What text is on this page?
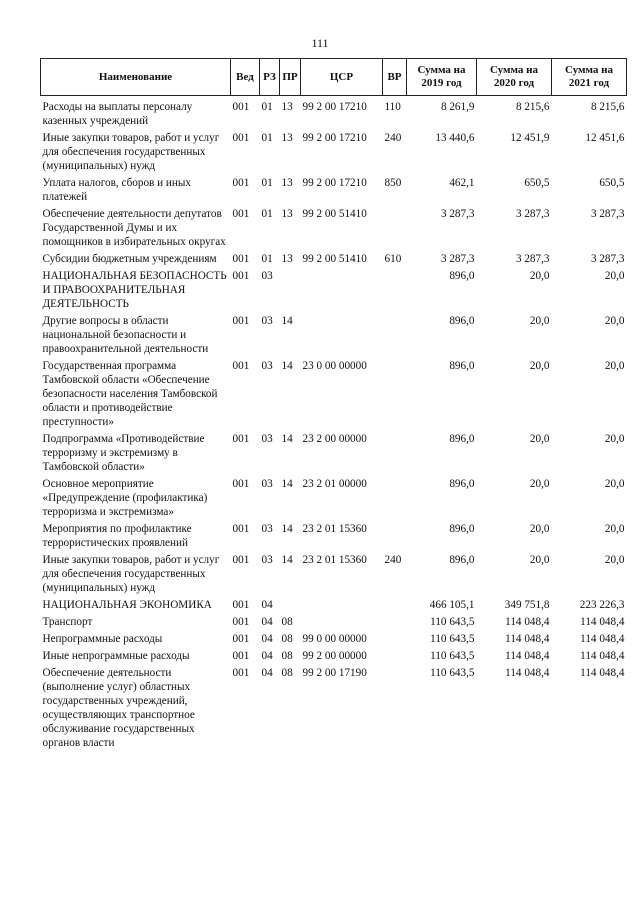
111
Наименование	Вед	РЗ	ПР	ЦСР	ВР	Сумма на 2019 год	Сумма на 2020 год	Сумма на 2021 год
Расходы на выплаты персоналу казенных учреждений	001	01	13	99 2 00 17210	110	8 261,9	8 215,6	8 215,6
Иные закупки товаров, работ и услуг для обеспечения государственных (муниципальных) нужд	001	01	13	99 2 00 17210	240	13 440,6	12 451,9	12 451,6
Уплата налогов, сборов и иных платежей	001	01	13	99 2 00 17210	850	462,1	650,5	650,5
Обеспечение деятельности депутатов Государственной Думы и их помощников в избирательных округах	001	01	13	99 2 00 51410		3 287,3	3 287,3	3 287,3
Субсидии бюджетным учреждениям	001	01	13	99 2 00 51410	610	3 287,3	3 287,3	3 287,3
НАЦИОНАЛЬНАЯ БЕЗОПАСНОСТЬ И ПРАВООХРАНИТЕЛЬНАЯ ДЕЯТЕЛЬНОСТЬ	001	03				896,0	20,0	20,0
Другие вопросы в области национальной безопасности и правоохранительной деятельности	001	03	14			896,0	20,0	20,0
Государственная программа Тамбовской области «Обеспечение безопасности населения Тамбовской области и противодействие преступности»	001	03	14	23 0 00 00000		896,0	20,0	20,0
Подпрограмма «Противодействие терроризму и экстремизму в Тамбовской области»	001	03	14	23 2 00 00000		896,0	20,0	20,0
Основное мероприятие «Предупреждение (профилактика) терроризма и экстремизма»	001	03	14	23 2 01 00000		896,0	20,0	20,0
Мероприятия по профилактике террористических проявлений	001	03	14	23 2 01 15360		896,0	20,0	20,0
Иные закупки товаров, работ и услуг для обеспечения государственных (муниципальных) нужд	001	03	14	23 2 01 15360	240	896,0	20,0	20,0
НАЦИОНАЛЬНАЯ ЭКОНОМИКА	001	04				466 105,1	349 751,8	223 226,3
Транспорт	001	04	08			110 643,5	114 048,4	114 048,4
Непрограммные расходы	001	04	08	99 0 00 00000		110 643,5	114 048,4	114 048,4
Иные непрограммные расходы	001	04	08	99 2 00 00000		110 643,5	114 048,4	114 048,4
Обеспечение деятельности (выполнение услуг) областных государственных учреждений, осуществляющих транспортное обслуживание государственных органов власти	001	04	08	99 2 00 17190		110 643,5	114 048,4	114 048,4
